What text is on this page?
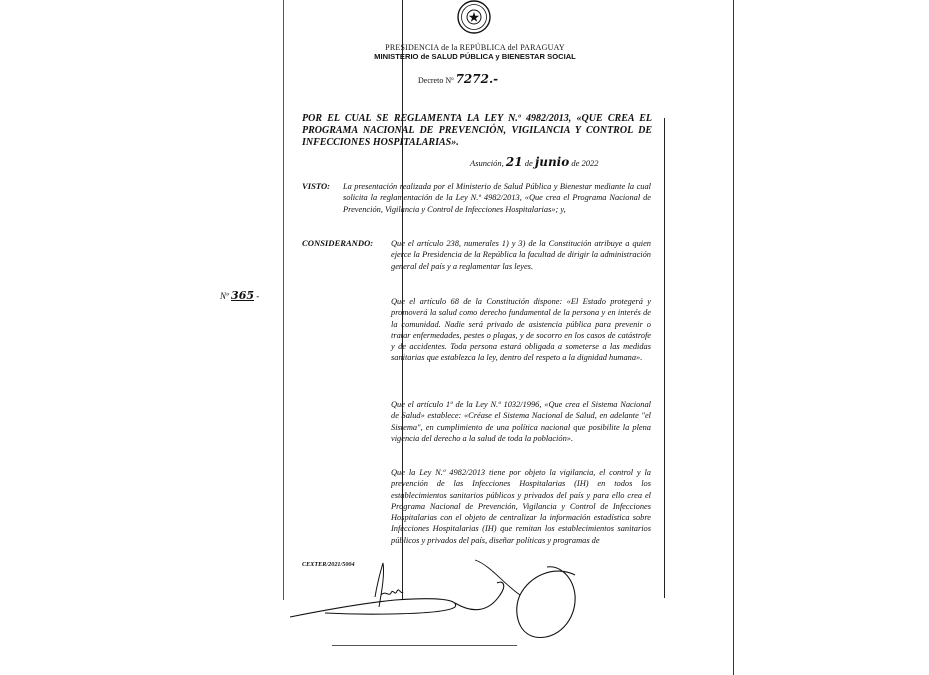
PRESIDENCIA de la REPÚBLICA del PARAGUAY
MINISTERIO de SALUD PÚBLICA y BIENESTAR SOCIAL
Decreto Nº 7272.-
POR EL CUAL SE REGLAMENTA LA LEY N.º 4982/2013, «QUE CREA EL PROGRAMA NACIONAL DE PREVENCIÓN, VIGILANCIA Y CONTROL DE INFECCIONES HOSPITALARIAS».
Asunción, 21 de junio de 2022
Nº 365 -
VISTO: La presentación realizada por el Ministerio de Salud Pública y Bienestar mediante la cual solicita la reglamentación de la Ley N.º 4982/2013, «Que crea el Programa Nacional de Prevención, Vigilancia y Control de Infecciones Hospitalarias»; y,
CONSIDERANDO: Que el artículo 238, numerales 1) y 3) de la Constitución atribuye a quien ejerce la Presidencia de la República la facultad de dirigir la administración general del país y a reglamentar las leyes.
Que el artículo 68 de la Constitución dispone: «El Estado protegerá y promoverá la salud como derecho fundamental de la persona y en interés de la comunidad. Nadie será privado de asistencia pública para prevenir o tratar enfermedades, pestes o plagas, y de socorro en los casos de catástrofe y de accidentes. Toda persona estará obligada a someterse a las medidas sanitarias que establezca la ley, dentro del respeto a la dignidad humana».
Que el artículo 1º de la Ley N.º 1032/1996, «Que crea el Sistema Nacional de Salud» establece: «Créase el Sistema Nacional de Salud, en adelante "el Sistema", en cumplimiento de una política nacional que posibilite la plena vigencia del derecho a la salud de toda la población».
Que la Ley N.º 4982/2013 tiene por objeto la vigilancia, el control y la prevención de las Infecciones Hospitalarias (IH) en todos los establecimientos sanitarios públicos y privados del país y para ello crea el Programa Nacional de Prevención, Vigilancia y Control de Infecciones Hospitalarias con el objeto de centralizar la información estadística sobre Infecciones Hospitalarias (IH) que remitan los establecimientos sanitarios públicos y privados del país, diseñar políticas y programas de
CEXTER/2021/5004
